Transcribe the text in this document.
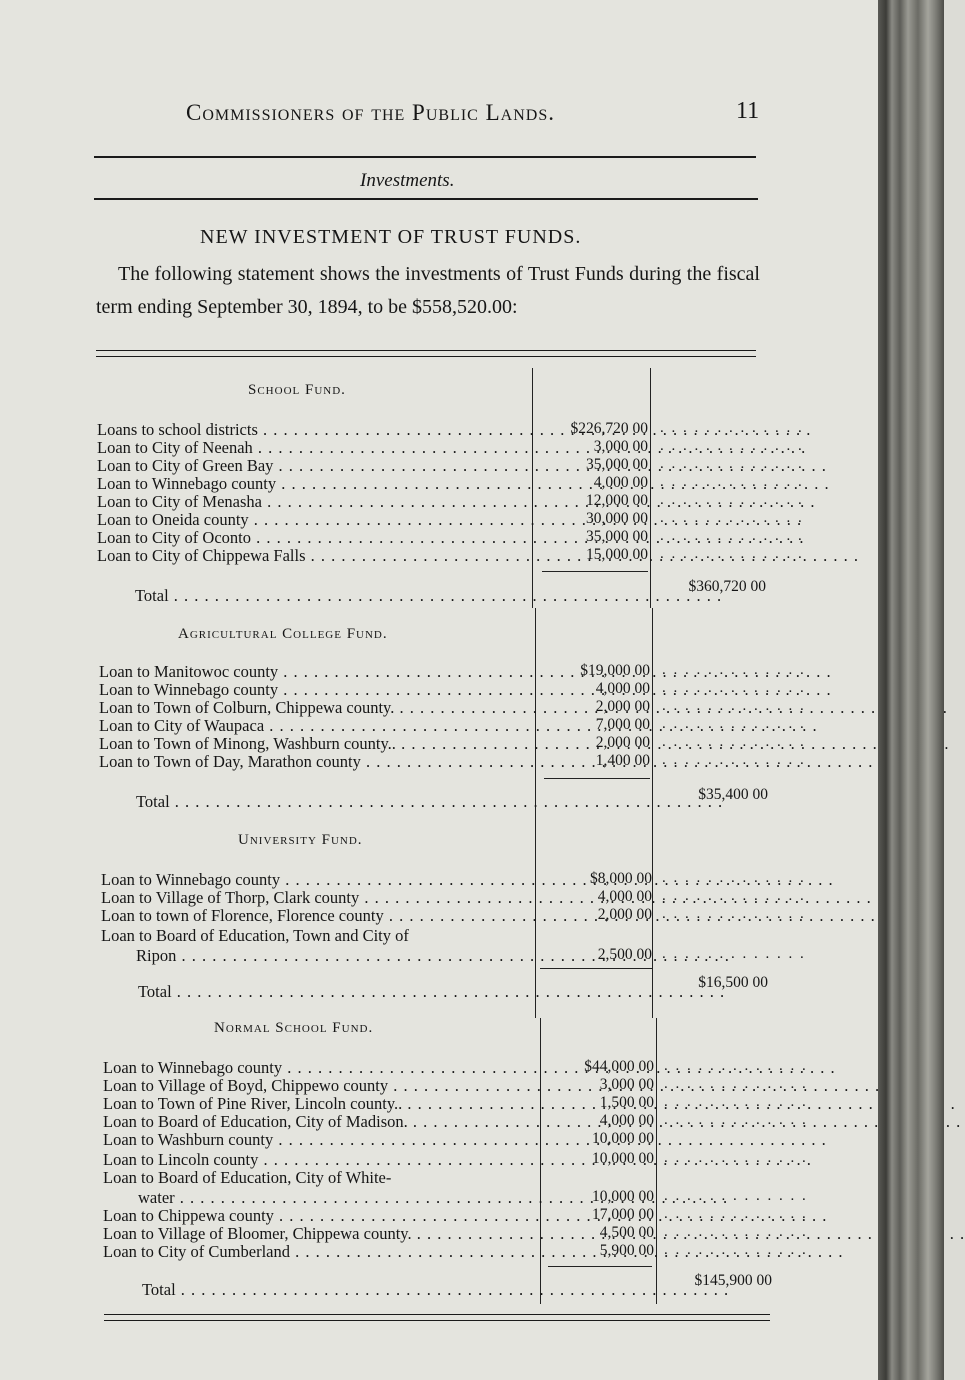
Commissioners of the Public Lands.	11
Investments.
NEW INVESTMENT OF TRUST FUNDS.
The following statement shows the investments of Trust Funds during the fiscal term ending September 30, 1894, to be $558,520.00:
School Fund.
Loans to school districts . . .	$226,720 00 . . . . . . . . . . . . .
Loan to City of Neenah . . .	3,000 00 . . . . . . . . . . . . .
Loan to City of Green Bay . . .	35,000 00 . . . . . . . . . . . . .
Loan to Winnebago county . . .	4,000 00 . . . . . . . . . . . . .
Loan to City of Menasha . . .	12,000 00 . . . . . . . . . . . . .
Loan to Oneida county . . .	30,000 00 . . . . . . . . . . . . .
Loan to City of Oconto . . .	35,000 00 . . . . . . . . . . . . .
Loan to City of Chippewa Falls . . .	15,000 00 . . . . . . . . . . . . .
Total . . .	$360,720 00
Agricultural College Fund.
Loan to Manitowoc county . . .	$19,000 00 . . . . . . . . . . . . .
Loan to Winnebago county . . .	4,000 00 . . . . . . . . . . . . .
Loan to Town of Colburn, Chippewa county. . . .	2,000 00 . . . . . . . . . . . . .
Loan to City of Waupaca . . .	7,000 00 . . . . . . . . . . . . .
Loan to Town of Minong, Washburn county.. . . .	2,000 00 . . . . . . . . . . . . .
Loan to Town of Day, Marathon county . . .	1,400 00 . . . . . . . . . . . . .
Total . . .	$35,400 00
University Fund.
Loan to Winnebago county . . .	$8,000 00 . . . . . . . . . . . . .
Loan to Village of Thorp, Clark county . . .	4,000 00 . . . . . . . . . . . . .
Loan to town of Florence, Florence county . . .	2,000 00 . . . . . . . . . . . . .
Loan to Board of Education, Town and City of
Ripon . . .	2,500 00 . . . . . . . . . . . . .
Total . . .	$16,500 00
Normal School Fund.
Loan to Winnebago county . . .	$44,000 00 . . . . . . . . . . . . .
Loan to Village of Boyd, Chippewo county . . .	3,000 00 . . . . . . . . . . . . .
Loan to Town of Pine River, Lincoln county.. . . .	1,500 00 . . . . . . . . . . . . .
Loan to Board of Education, City of Madison. . . .	4,000 00 . . . . . . . . . . . . .
Loan to Washburn county . . .	10,000 00
Loan to Lincoln county . . .	10,000 00 . . . . . . . . . . . . .
Loan to Board of Education, City of White-
water . . .	10,000 00 . . . . . . . . . . . . .
Loan to Chippewa county . . .	17,000 00 . . . . . . . . . . . . .
Loan to Village of Bloomer, Chippewa county. . . .	4,500 00 . . . . . . . . . . . . .
Loan to City of Cumberland . . .	5,900 00 . . . . . . . . . . . . .
Total . . .	$145,900 00
